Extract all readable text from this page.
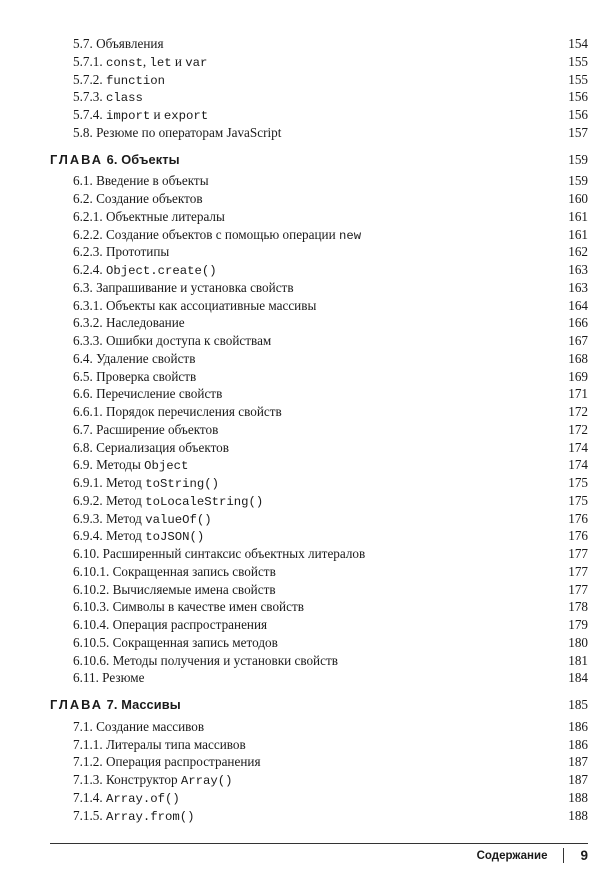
5.7. Объявления	154
5.7.1. const, let и var	155
5.7.2. function	155
5.7.3. class	156
5.7.4. import и export	156
5.8. Резюме по операторам JavaScript	157
ГЛАВА 6. Объекты	159
6.1. Введение в объекты	159
6.2. Создание объектов	160
6.2.1. Объектные литералы	161
6.2.2. Создание объектов с помощью операции new	161
6.2.3. Прототипы	162
6.2.4. Object.create()	163
6.3. Запрашивание и установка свойств	163
6.3.1. Объекты как ассоциативные массивы	164
6.3.2. Наследование	166
6.3.3. Ошибки доступа к свойствам	167
6.4. Удаление свойств	168
6.5. Проверка свойств	169
6.6. Перечисление свойств	171
6.6.1. Порядок перечисления свойств	172
6.7. Расширение объектов	172
6.8. Сериализация объектов	174
6.9. Методы Object	174
6.9.1. Метод toString()	175
6.9.2. Метод toLocaleString()	175
6.9.3. Метод valueOf()	176
6.9.4. Метод toJSON()	176
6.10. Расширенный синтаксис объектных литералов	177
6.10.1. Сокращенная запись свойств	177
6.10.2. Вычисляемые имена свойств	177
6.10.3. Символы в качестве имен свойств	178
6.10.4. Операция распространения	179
6.10.5. Сокращенная запись методов	180
6.10.6. Методы получения и установки свойств	181
6.11. Резюме	184
ГЛАВА 7. Массивы	185
7.1. Создание массивов	186
7.1.1. Литералы типа массивов	186
7.1.2. Операция распространения	187
7.1.3. Конструктор Array()	187
7.1.4. Array.of()	188
7.1.5. Array.from()	188
Содержание 9
